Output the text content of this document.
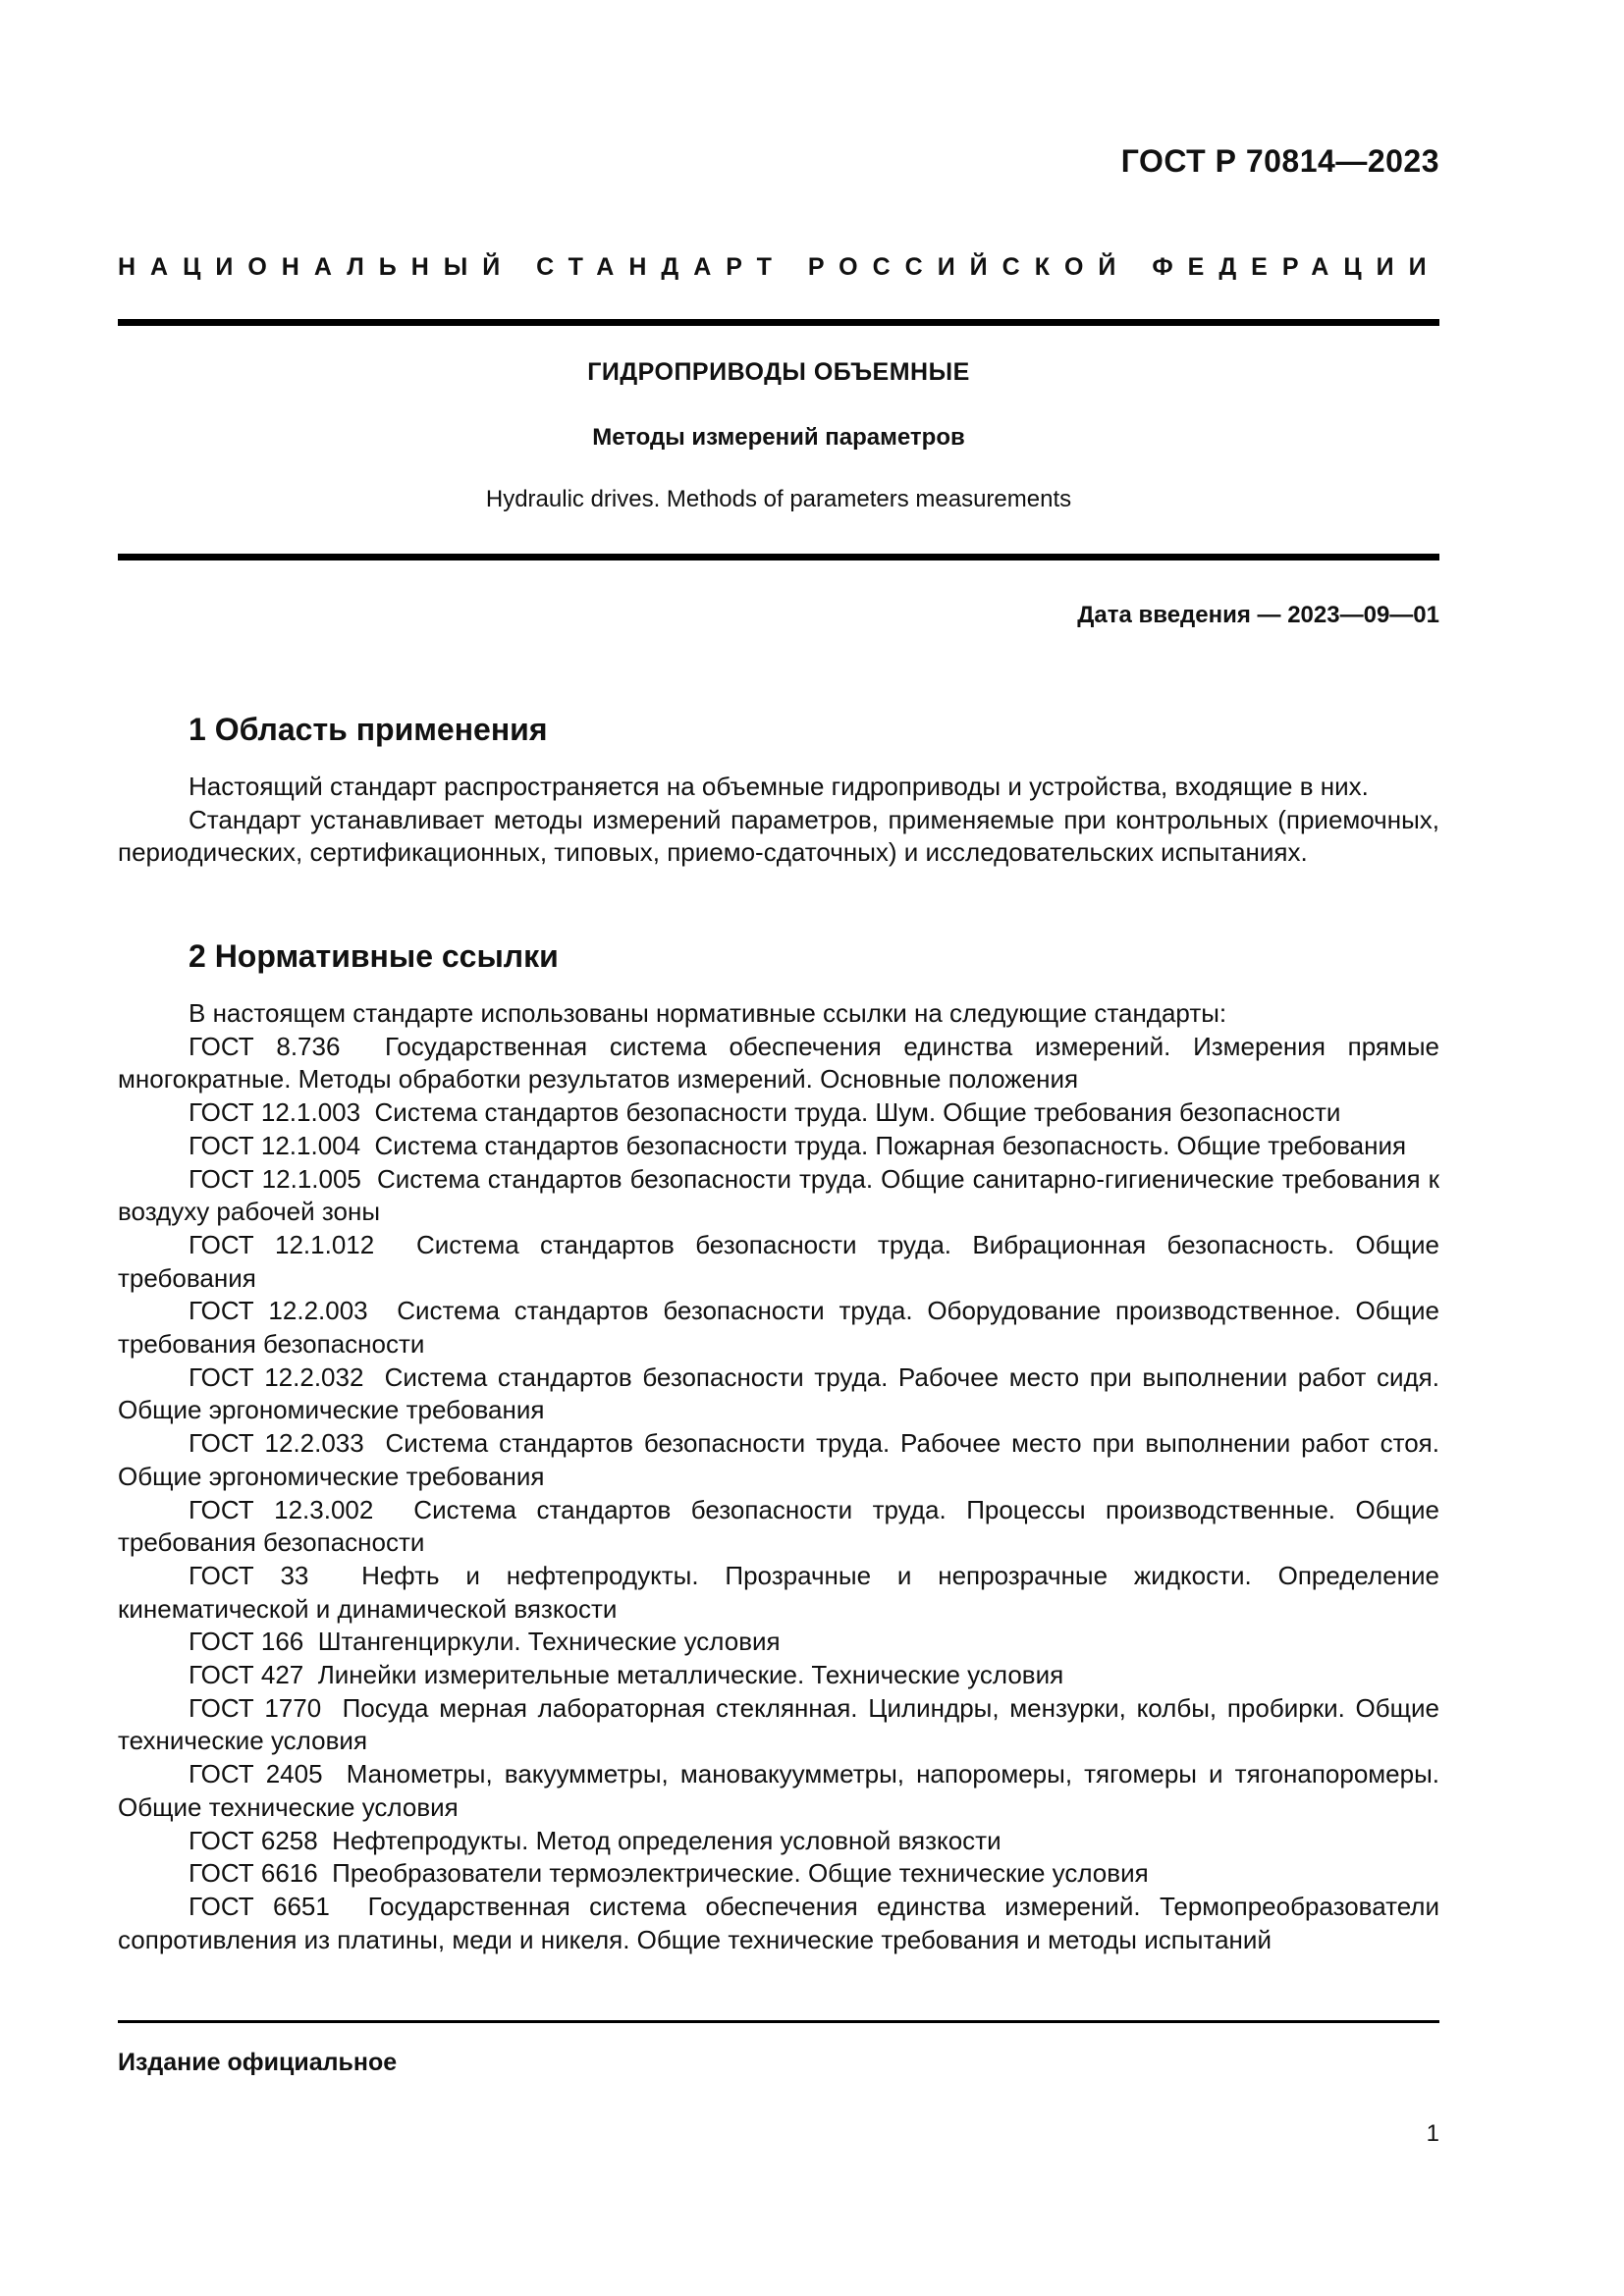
ГОСТ Р 70814—2023
НАЦИОНАЛЬНЫЙ СТАНДАРТ РОССИЙСКОЙ ФЕДЕРАЦИИ
ГИДРОПРИВОДЫ ОБЪЕМНЫЕ
Методы измерений параметров
Hydraulic drives. Methods of parameters measurements
Дата введения — 2023—09—01
1 Область применения

Настоящий стандарт распространяется на объемные гидроприводы и устройства, входящие в них.

Стандарт устанавливает методы измерений параметров, применяемые при контрольных (приемочных, периодических, сертификационных, типовых, приемо-сдаточных) и исследовательских испытаниях.

2 Нормативные ссылки

В настоящем стандарте использованы нормативные ссылки на следующие стандарты:

ГОСТ 8.736 Государственная система обеспечения единства измерений. Измерения прямые многократные. Методы обработки результатов измерений. Основные положения

ГОСТ 12.1.003 Система стандартов безопасности труда. Шум. Общие требования безопасности

ГОСТ 12.1.004 Система стандартов безопасности труда. Пожарная безопасность. Общие требования

ГОСТ 12.1.005 Система стандартов безопасности труда. Общие санитарно-гигиенические требования к воздуху рабочей зоны

ГОСТ 12.1.012 Система стандартов безопасности труда. Вибрационная безопасность. Общие требования

ГОСТ 12.2.003 Система стандартов безопасности труда. Оборудование производственное. Общие требования безопасности

ГОСТ 12.2.032 Система стандартов безопасности труда. Рабочее место при выполнении работ сидя. Общие эргономические требования

ГОСТ 12.2.033 Система стандартов безопасности труда. Рабочее место при выполнении работ стоя. Общие эргономические требования

ГОСТ 12.3.002 Система стандартов безопасности труда. Процессы производственные. Общие требования безопасности

ГОСТ 33 Нефть и нефтепродукты. Прозрачные и непрозрачные жидкости. Определение кинематической и динамической вязкости

ГОСТ 166 Штангенциркули. Технические условия

ГОСТ 427 Линейки измерительные металлические. Технические условия

ГОСТ 1770 Посуда мерная лабораторная стеклянная. Цилиндры, мензурки, колбы, пробирки. Общие технические условия

ГОСТ 2405 Манометры, вакуумметры, мановакуумметры, напоромеры, тягомеры и тягонапоромеры. Общие технические условия

ГОСТ 6258 Нефтепродукты. Метод определения условной вязкости

ГОСТ 6616 Преобразователи термоэлектрические. Общие технические условия

ГОСТ 6651 Государственная система обеспечения единства измерений. Термопреобразователи сопротивления из платины, меди и никеля. Общие технические требования и методы испытаний

Издание официальное
1
